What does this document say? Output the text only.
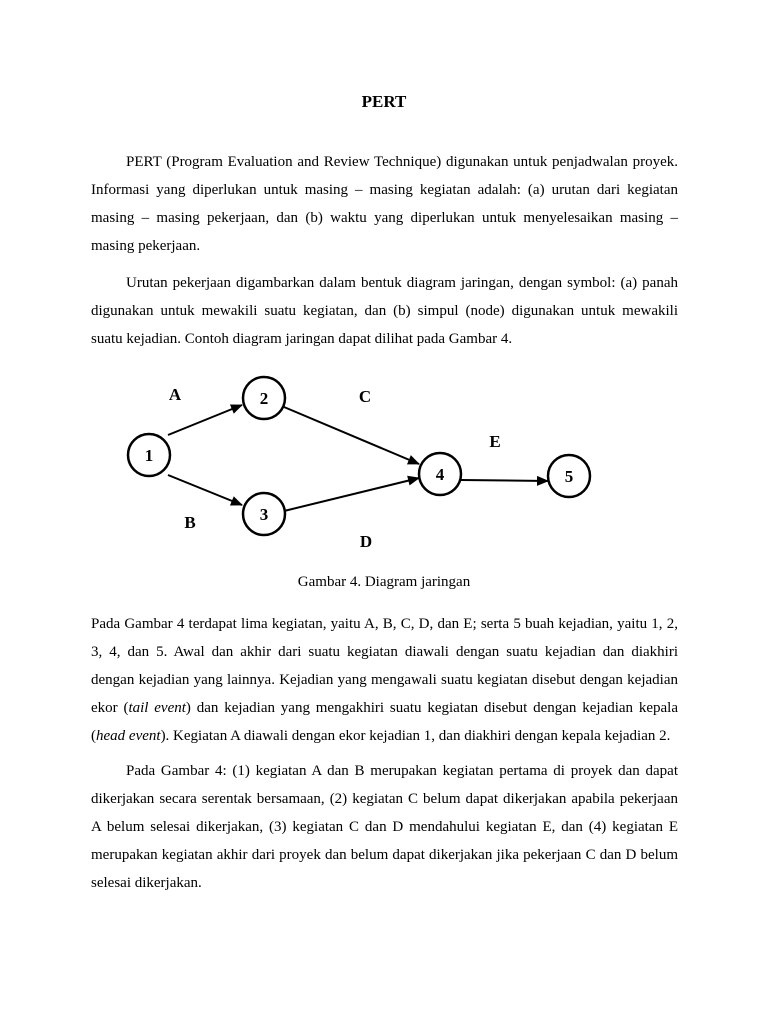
PERT
PERT (Program Evaluation and Review Technique) digunakan untuk penjadwalan proyek.
Informasi yang diperlukan untuk masing – masing kegiatan adalah: (a) urutan dari kegiatan
masing – masing pekerjaan, dan (b) waktu yang diperlukan untuk menyelesaikan masing –
masing pekerjaan.
Urutan pekerjaan digambarkan dalam bentuk diagram jaringan, dengan symbol: (a) panah
digunakan untuk mewakili suatu kegiatan, dan (b) simpul (node) digunakan untuk mewakili
suatu kejadian. Contoh diagram jaringan dapat dilihat pada Gambar 4.
1
2
3
4	5
A
B
C
D
E
Gambar 4. Diagram jaringan
Pada Gambar 4 terdapat lima kegiatan, yaitu A, B, C, D, dan E; serta 5 buah kejadian, yaitu 1, 2,
3, 4, dan 5. Awal dan akhir dari suatu kegiatan diawali dengan suatu kejadian dan diakhiri
dengan kejadian yang lainnya. Kejadian yang mengawali suatu kegiatan disebut dengan kejadian
ekor (tail event) dan kejadian yang mengakhiri suatu kegiatan disebut dengan kejadian kepala
(head event). Kegiatan A diawali dengan ekor kejadian 1, dan diakhiri dengan kepala kejadian 2.
Pada Gambar 4: (1) kegiatan A dan B merupakan kegiatan pertama di proyek dan dapat
dikerjakan secara serentak bersamaan, (2) kegiatan C belum dapat dikerjakan apabila pekerjaan
A belum selesai dikerjakan, (3) kegiatan C dan D mendahului kegiatan E, dan (4) kegiatan E
merupakan kegiatan akhir dari proyek dan belum dapat dikerjakan jika pekerjaan C dan D belum
selesai dikerjakan.
